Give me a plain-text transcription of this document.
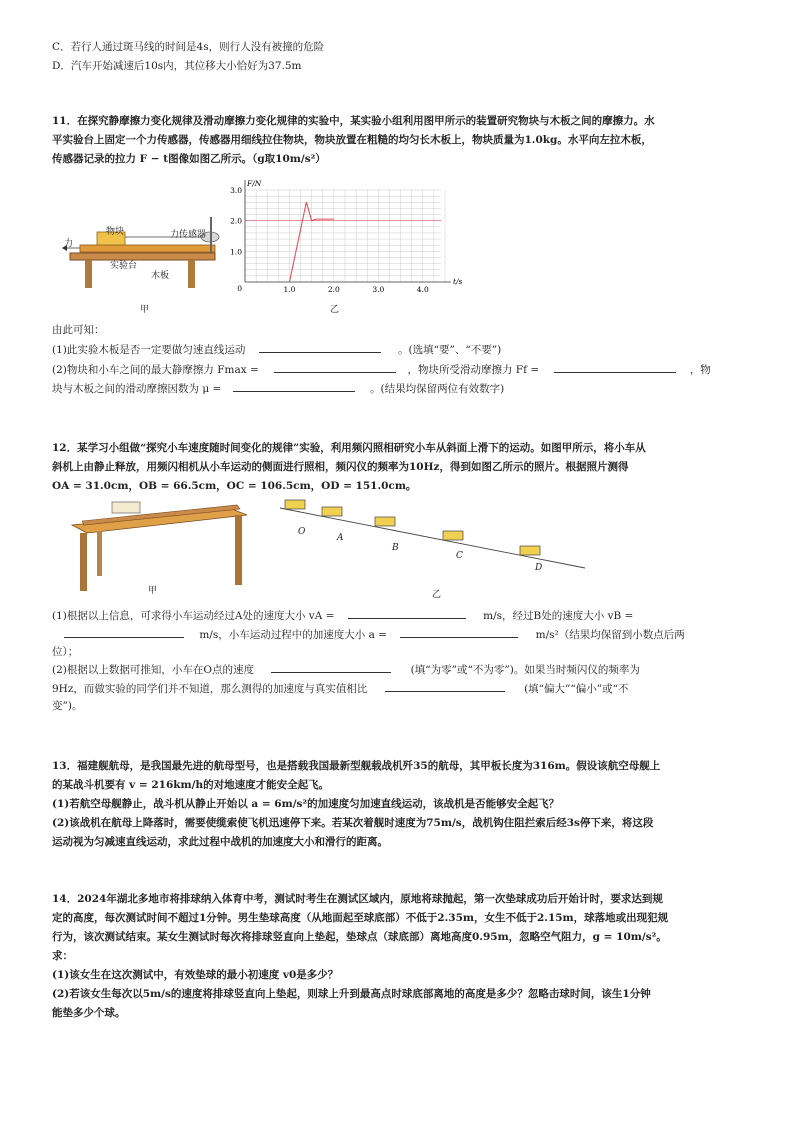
C．若行人通过斑马线的时间是4s，则行人没有被撞的危险
D．汽车开始减速后10s内，其位移大小恰好为37.5m
11．在探究静摩擦力变化规律及滑动摩擦力变化规律的实验中，某实验小组利用图甲所示的装置研究物块与木板之间的摩擦力。水
平实验台上固定一个力传感器，传感器用细线拉住物块，物块放置在粗糙的均匀长木板上，物块质量为1.0kg。水平向左拉木板，
传感器记录的拉力 F − t图像如图乙所示。（g取10m/s²）
物块	力传感器
力
实验台
木板
甲
1.0	2.0	3.0	4.0
1.0
2.0
3.0
0
t/s
F/N
乙
由此可知：
(1)此实验木板是否一定要做匀速直线运动	。(选填“要”、“不要”)
(2)物块和小车之间的最大静摩擦力 Fmax =	，物块所受滑动摩擦力 Ff =	，物
块与木板之间的滑动摩擦因数为 μ =	。(结果均保留两位有效数字)
12．某学习小组做“探究小车速度随时间变化的规律”实验，利用频闪照相研究小车从斜面上滑下的运动。如图甲所示，将小车从
斜机上由静止释放，用频闪相机从小车运动的侧面进行照相，频闪仪的频率为10Hz，得到如图乙所示的照片。根据照片测得
OA = 31.0cm，OB = 66.5cm，OC = 106.5cm，OD = 151.0cm。
甲
O
A
B
C
D
乙
(1)根据以上信息，可求得小车运动经过A处的速度大小 vA =	m/s，经过B处的速度大小 vB =
m/s，小车运动过程中的加速度大小 a =	m/s²（结果均保留到小数点后两
位）；
(2)根据以上数据可推知，小车在O点的速度	(填“为零”或“不为零”)。如果当时频闪仪的频率为
9Hz，而做实验的同学们并不知道，那么测得的加速度与真实值相比	(填“偏大”“偏小”或“不
变”)。
13．福建舰航母，是我国最先进的航母型号，也是搭载我国最新型舰载战机歼35的航母，其甲板长度为316m。假设该航空母舰上
的某战斗机要有 v = 216km/h的对地速度才能安全起飞。
(1)若航空母舰静止，战斗机从静止开始以 a = 6m/s²的加速度匀加速直线运动，该战机是否能够安全起飞？
(2)该战机在航母上降落时，需要使缆索使飞机迅速停下来。若某次着舰时速度为75m/s，战机钩住阻拦索后经3s停下来，将这段
运动视为匀减速直线运动，求此过程中战机的加速度大小和滑行的距离。
14．2024年湖北多地市将排球纳入体育中考，测试时考生在测试区域内，原地将球抛起，第一次垫球成功后开始计时，要求达到规
定的高度，每次测试时间不超过1分钟。男生垫球高度（从地面起至球底部）不低于2.35m，女生不低于2.15m，球落地或出现犯规
行为，该次测试结束。某女生测试时每次将排球竖直向上垫起，垫球点（球底部）离地高度0.95m，忽略空气阻力，g = 10m/s²。
求：
(1)该女生在这次测试中，有效垫球的最小初速度 v0是多少？
(2)若该女生每次以5m/s的速度将排球竖直向上垫起，则球上升到最高点时球底部离地的高度是多少？忽略击球时间，该生1分钟
能垫多少个球。
